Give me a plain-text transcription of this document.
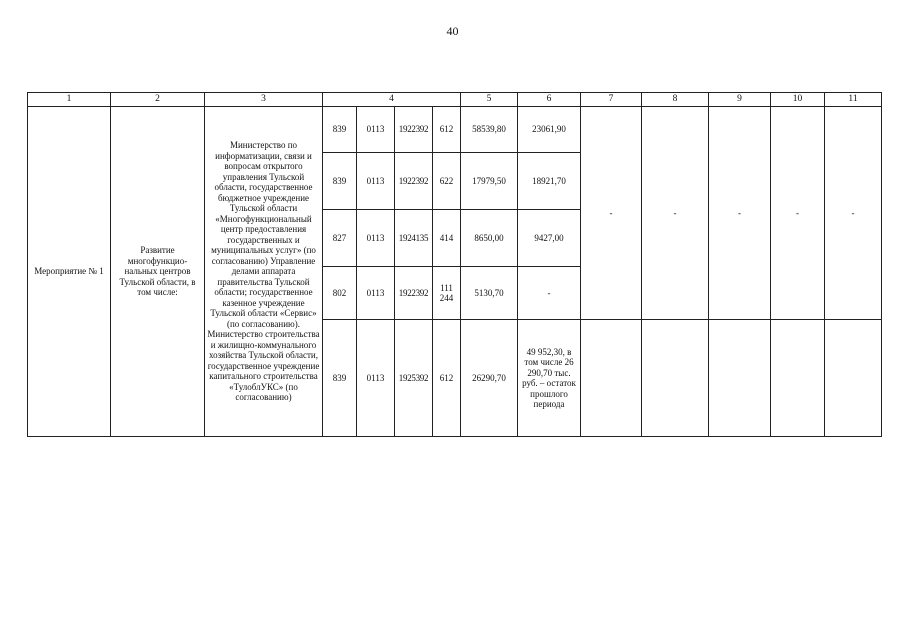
40
1	2	3	4				5	6	7	8	9	10	11
Мероприятие № 1	Развитие многофункцио-нальных центров Тульской области, в том числе:	Министерство по информатизации, связи и вопросам открытого управления Тульской области, государственное бюджетное учреждение Тульской области «Многофункциональный центр предоставления государственных и муниципальных услуг» (по согласованию) Управление делами аппарата правительства Тульской области; государственное казенное учреждение Тульской области «Сервис» (по согласованию). Министерство строительства и жилищно-коммунального хозяйства Тульской области, государственное учреждение капитального строительства «ТулоблУКС» (по согласованию)	839	0113	1922392	612	58539,80	23061,90	-	-	-	-	-
			839	0113	1922392	622	17979,50	18921,70					
			827	0113	1924135	414	8650,00	9427,00					
			802	0113	1922392	111 244	5130,70	-					
			839	0113	1925392	612	26290,70	49 952,30, в том числе 26 290,70 тыс. руб. – остаток прошлого периода					
